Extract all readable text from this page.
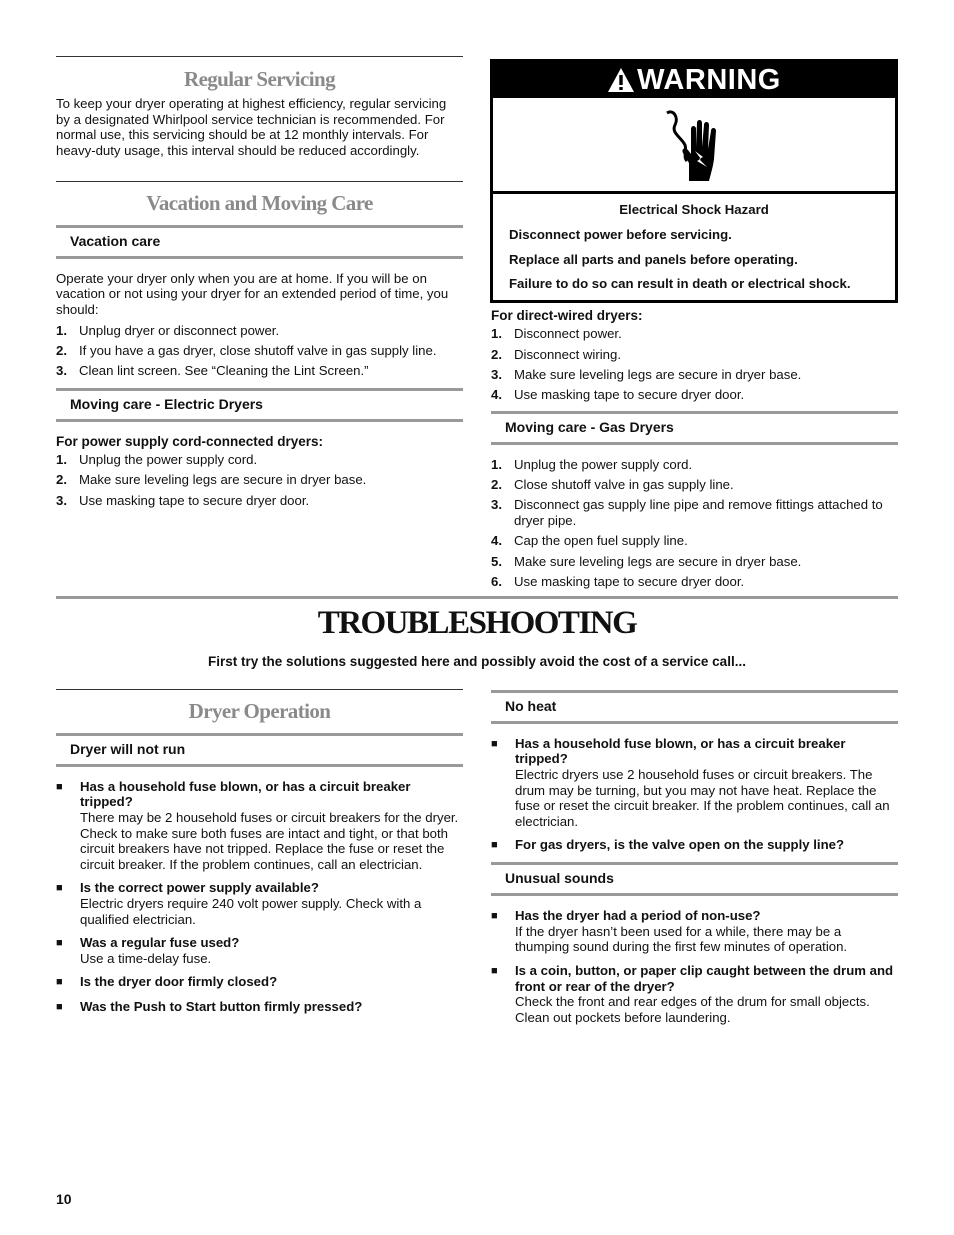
Regular Servicing
To keep your dryer operating at highest efficiency, regular servicing by a designated Whirlpool service technician is recommended. For normal use, this servicing should be at 12 monthly intervals. For heavy-duty usage, this interval should be reduced accordingly.
Vacation and Moving Care
Vacation care
Operate your dryer only when you are at home. If you will be on vacation or not using your dryer for an extended period of time, you should:
1. Unplug dryer or disconnect power.
2. If you have a gas dryer, close shutoff valve in gas supply line.
3. Clean lint screen. See “Cleaning the Lint Screen.”
Moving care - Electric Dryers
For power supply cord-connected dryers:
1. Unplug the power supply cord.
2. Make sure leveling legs are secure in dryer base.
3. Use masking tape to secure dryer door.
WARNING
Electrical Shock Hazard
Disconnect power before servicing.
Replace all parts and panels before operating.
Failure to do so can result in death or electrical shock.
For direct-wired dryers:
1. Disconnect power.
2. Disconnect wiring.
3. Make sure leveling legs are secure in dryer base.
4. Use masking tape to secure dryer door.
Moving care - Gas Dryers
1. Unplug the power supply cord.
2. Close shutoff valve in gas supply line.
3. Disconnect gas supply line pipe and remove fittings attached to dryer pipe.
4. Cap the open fuel supply line.
5. Make sure leveling legs are secure in dryer base.
6. Use masking tape to secure dryer door.
TROUBLESHOOTING
First try the solutions suggested here and possibly avoid the cost of a service call...
Dryer Operation
Dryer will not run
■	Has a household fuse blown, or has a circuit breaker tripped?
There may be 2 household fuses or circuit breakers for the dryer. Check to make sure both fuses are intact and tight, or that both circuit breakers have not tripped. Replace the fuse or reset the circuit breaker. If the problem continues, call an electrician.
■	Is the correct power supply available?
Electric dryers require 240 volt power supply. Check with a qualified electrician.
■	Was a regular fuse used?
Use a time-delay fuse.
■	Is the dryer door firmly closed?
■	Was the Push to Start button firmly pressed?
No heat
■	Has a household fuse blown, or has a circuit breaker tripped?
Electric dryers use 2 household fuses or circuit breakers. The drum may be turning, but you may not have heat. Replace the fuse or reset the circuit breaker. If the problem continues, call an electrician.
■	For gas dryers, is the valve open on the supply line?
Unusual sounds
■	Has the dryer had a period of non-use?
If the dryer hasn’t been used for a while, there may be a thumping sound during the first few minutes of operation.
■	Is a coin, button, or paper clip caught between the drum and front or rear of the dryer?
Check the front and rear edges of the drum for small objects. Clean out pockets before laundering.
10
